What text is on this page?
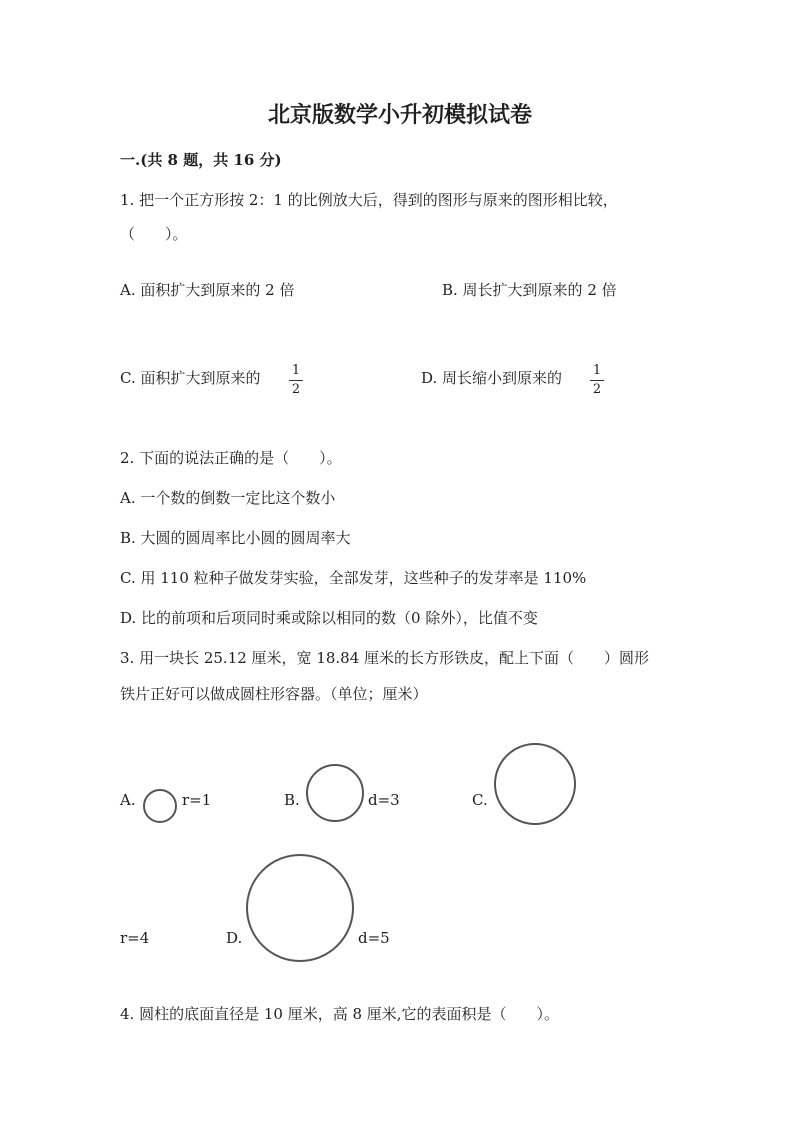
北京版数学小升初模拟试卷
一.(共 8 题，共 16 分)
1. 把一个正方形按 2：1 的比例放大后，得到的图形与原来的图形相比较，
（　　）。
A. 面积扩大到原来的 2 倍	B. 周长扩大到原来的 2 倍
C. 面积扩大到原来的 1
2
D. 周长缩小到原来的 1
2
2. 下面的说法正确的是（　　）。
A. 一个数的倒数一定比这个数小
B. 大圆的圆周率比小圆的圆周率大
C. 用 110 粒种子做发芽实验，全部发芽，这些种子的发芽率是 110%
D. 比的前项和后项同时乘或除以相同的数（0 除外），比值不变
3. 用一块长 25.12 厘米，宽 18.84 厘米的长方形铁皮，配上下面（　　）圆形
铁片正好可以做成圆柱形容器。（单位；厘米）
A.	r=1	B.	d=3	C.
r=4	D.	d=5
4. 圆柱的底面直径是 10 厘米，高 8 厘米,它的表面积是（　　）。
